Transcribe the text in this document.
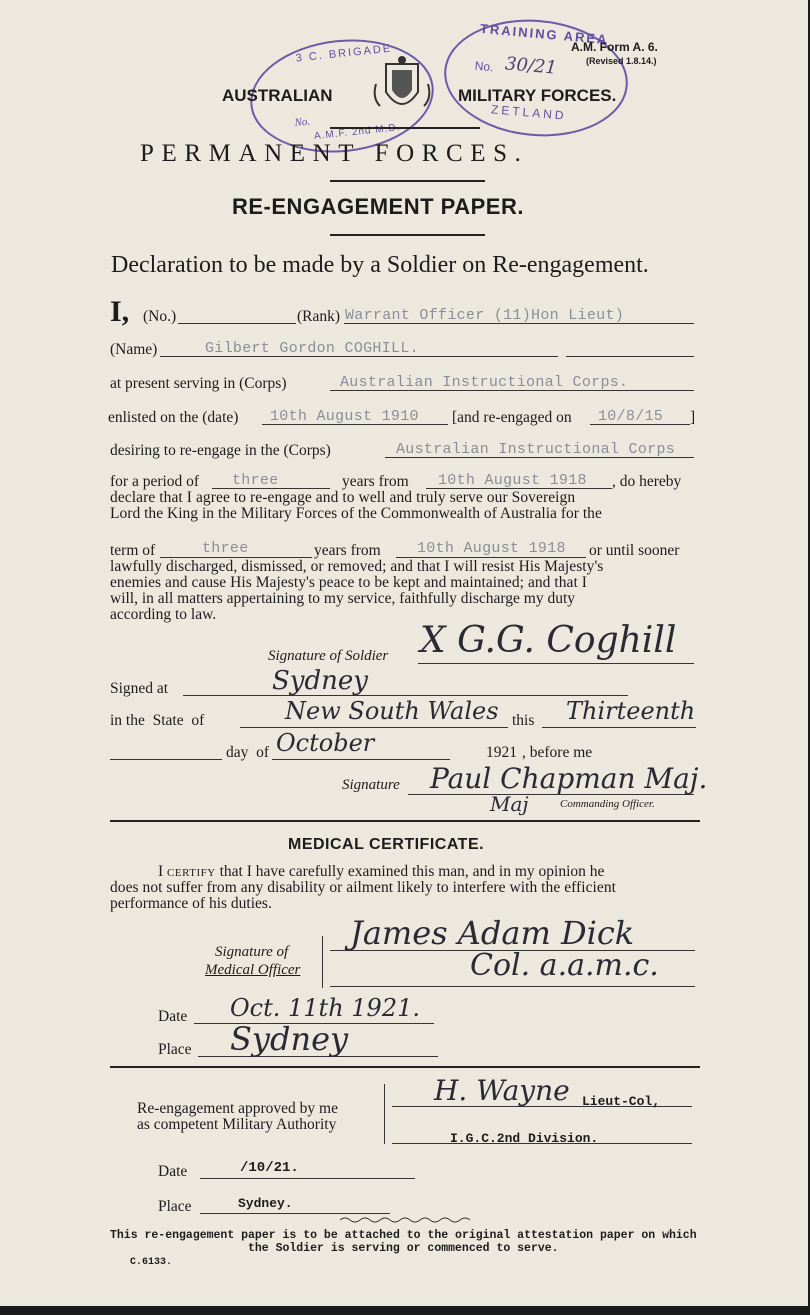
3 C. BRIGADE
No. A.M.F. 2nd M.D.
TRAINING AREA
No. 30/21
ZETLAND
A.M. Form A. 6.
(Revised 1.8.14.)
AUSTRALIAN	MILITARY FORCES.
PERMANENT FORCES.
RE-ENGAGEMENT PAPER.
Declaration to be made by a Soldier on Re-engagement.
I, (No.)	(Rank) Warrant Officer (11)Hon Lieut)
(Name)	Gilbert Gordon COGHILL.
at present serving in (Corps)	Australian Instructional Corps.
enlisted on the (date) 10th August 1910 [and re-engaged on 10/8/15 ]
desiring to re-engage in the (Corps)	Australian Instructional Corps
for a period of three	years from 10th August 1918 , do hereby
declare that I agree to re-engage and to well and truly serve our Sovereign
Lord the King in the Military Forces of the Commonwealth of Australia for the
term of	three	years from 10th August 1918 or until sooner
lawfully discharged, dismissed, or removed; and that I will resist His Majesty's
enemies and cause His Majesty's peace to be kept and maintained; and that I
will, in all matters appertaining to my service, faithfully discharge my duty
according to law.
Signature of Soldier X G.G. Coghill
Signed at	Sydney
in the  State  of	New South Wales this Thirteenth
day  of October	1921 , before me
Signature Paul Chapman Maj.
Maj	Commanding Officer.
MEDICAL CERTIFICATE.
I CERTIFY that I have carefully examined this man, and in my opinion he
does not suffer from any disability or ailment likely to interfere with the efficient
performance of his duties.
Signature of
Medical Officer
James Adam Dick
Col. a.a.m.c.
Date Oct. 11th 1921.
Place Sydney
Re-engagement approved by me
as competent Military Authority
H. Wayne Lieut-Col,
I.G.C.2nd Division.
Date	/10/21.
Place	Sydney.
This re-engagement paper is to be attached to the original attestation paper on which
the Soldier is serving or commenced to serve.
C.6133.
